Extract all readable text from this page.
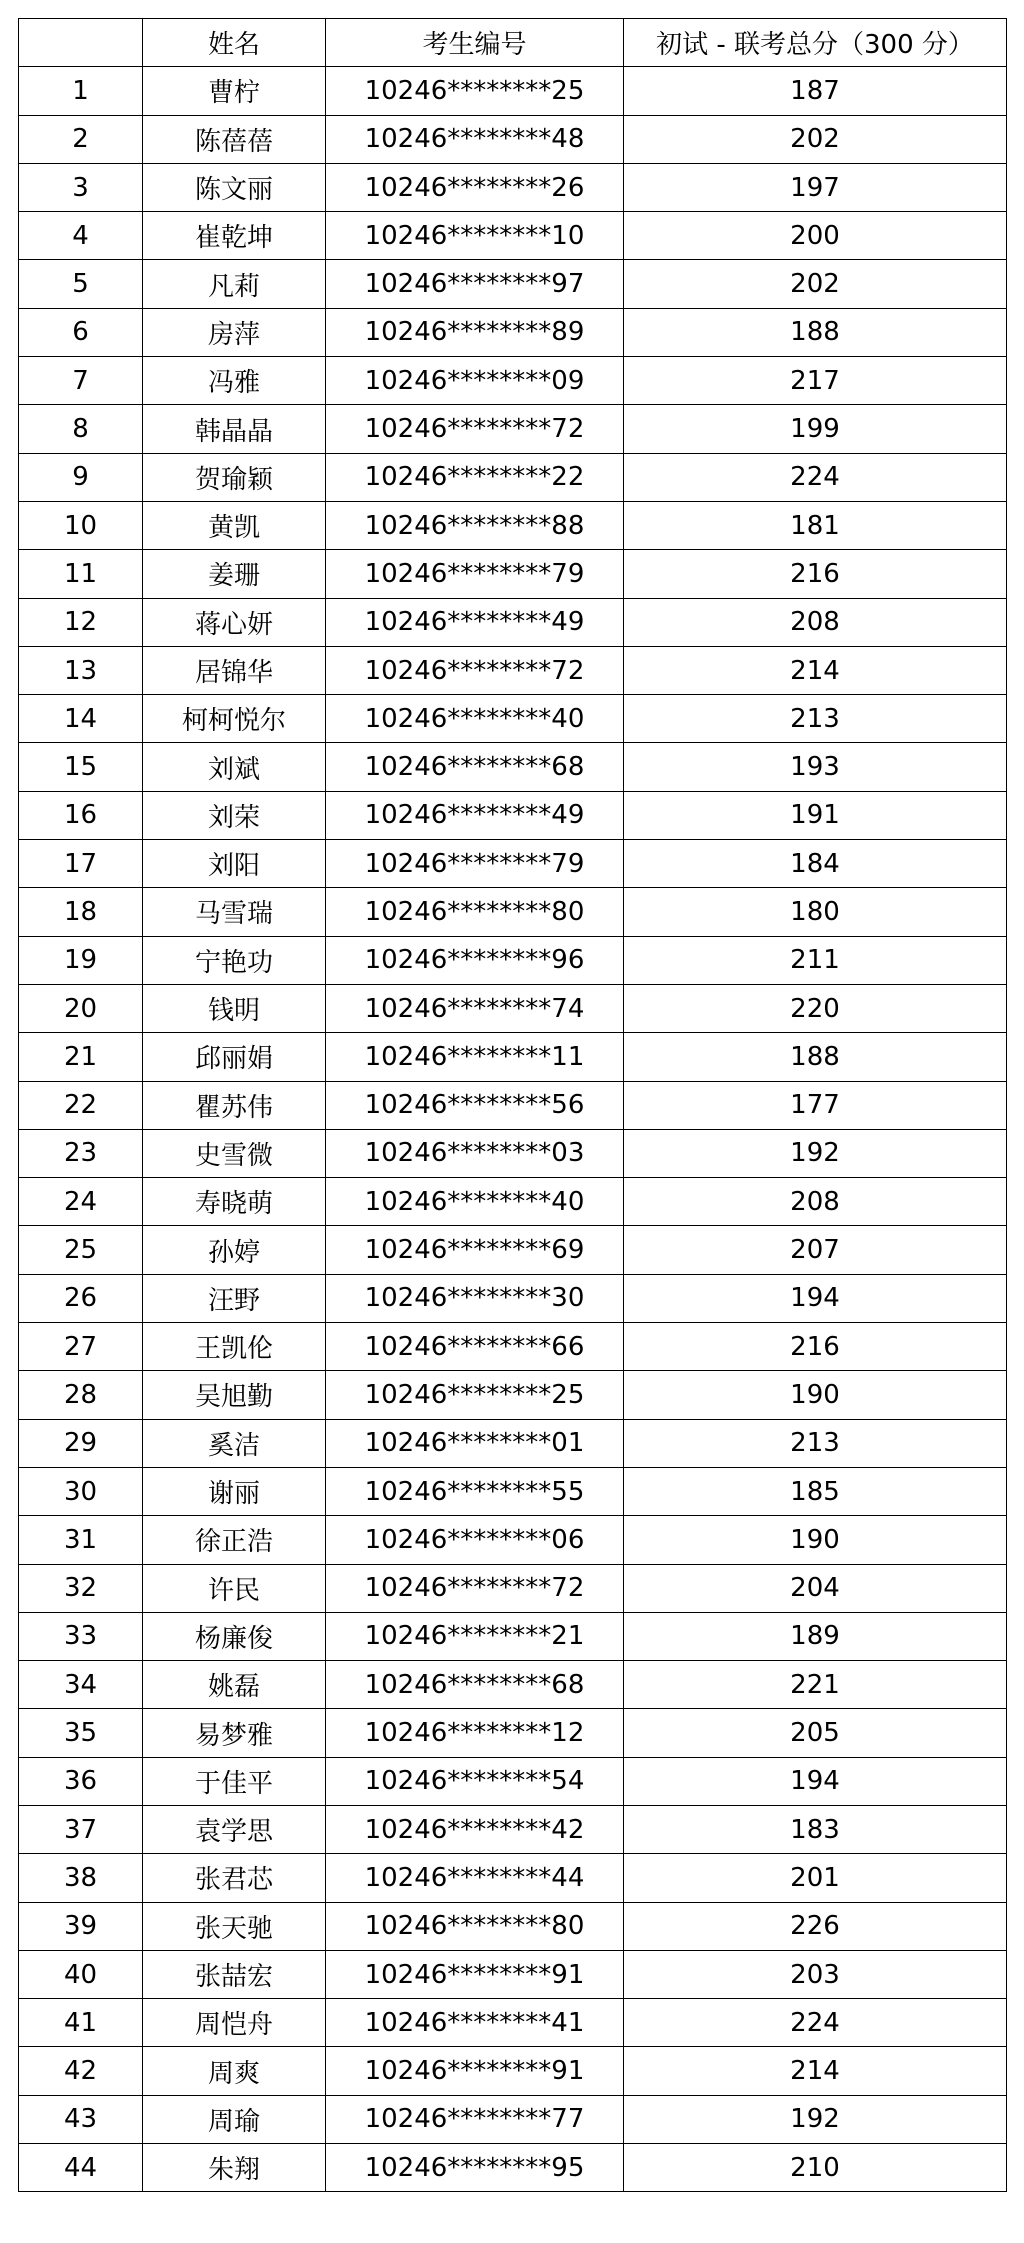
	姓名	考生编号	初试 - 联考总分（300 分）
1	曹柠	10246********25	187
2	陈蓓蓓	10246********48	202
3	陈文丽	10246********26	197
4	崔乾坤	10246********10	200
5	凡莉	10246********97	202
6	房萍	10246********89	188
7	冯雅	10246********09	217
8	韩晶晶	10246********72	199
9	贺瑜颖	10246********22	224
10	黄凯	10246********88	181
11	姜珊	10246********79	216
12	蒋心妍	10246********49	208
13	居锦华	10246********72	214
14	柯柯悦尔	10246********40	213
15	刘斌	10246********68	193
16	刘荣	10246********49	191
17	刘阳	10246********79	184
18	马雪瑞	10246********80	180
19	宁艳功	10246********96	211
20	钱明	10246********74	220
21	邱丽娟	10246********11	188
22	瞿苏伟	10246********56	177
23	史雪微	10246********03	192
24	寿晓萌	10246********40	208
25	孙婷	10246********69	207
26	汪野	10246********30	194
27	王凯伦	10246********66	216
28	吴旭勤	10246********25	190
29	奚洁	10246********01	213
30	谢丽	10246********55	185
31	徐正浩	10246********06	190
32	许民	10246********72	204
33	杨廉俊	10246********21	189
34	姚磊	10246********68	221
35	易梦雅	10246********12	205
36	于佳平	10246********54	194
37	袁学思	10246********42	183
38	张君芯	10246********44	201
39	张天驰	10246********80	226
40	张喆宏	10246********91	203
41	周恺舟	10246********41	224
42	周爽	10246********91	214
43	周瑜	10246********77	192
44	朱翔	10246********95	210
